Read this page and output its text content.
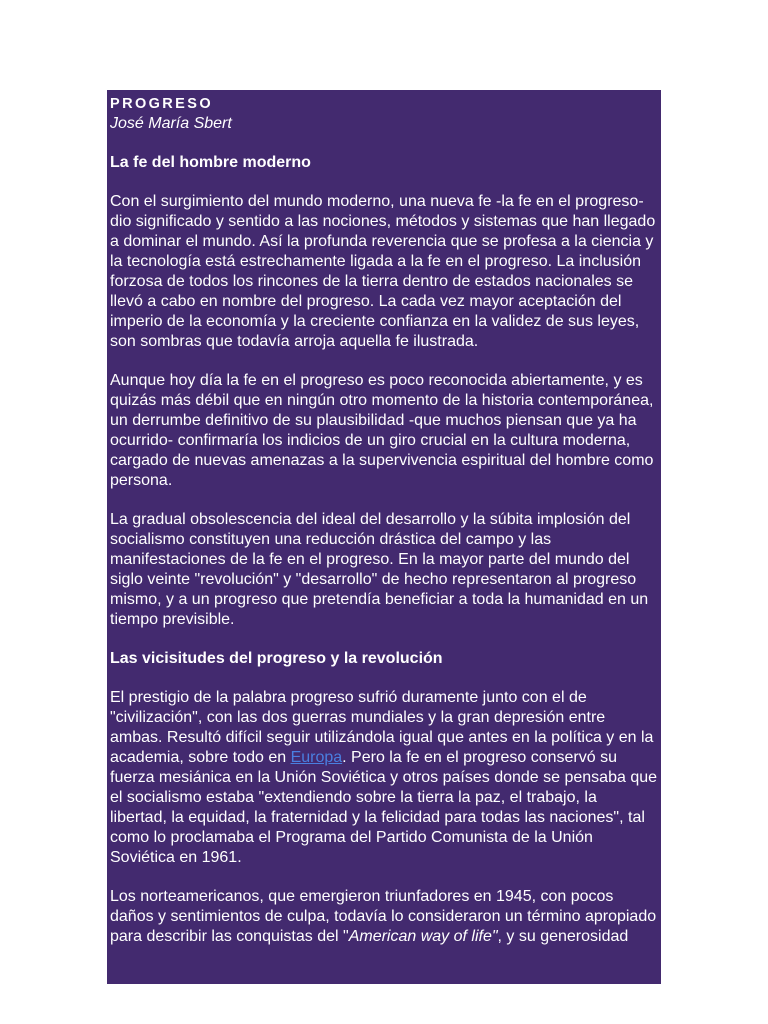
PROGRESO
José María Sbert
La fe del hombre moderno

Con el surgimiento del mundo moderno, una nueva fe -la fe en el progreso- dio significado y sentido a las nociones, métodos y sistemas que han llegado a dominar el mundo. Así la profunda reverencia que se profesa a la ciencia y la tecnología está estrechamente ligada a la fe en el progreso. La inclusión forzosa de todos los rincones de la tierra dentro de estados nacionales se llevó a cabo en nombre del progreso. La cada vez mayor aceptación del imperio de la economía y la creciente confianza en la validez de sus leyes, son sombras que todavía arroja aquella fe ilustrada.

Aunque hoy día la fe en el progreso es poco reconocida abiertamente, y es quizás más débil que en ningún otro momento de la historia contemporánea, un derrumbe definitivo de su plausibilidad -que muchos piensan que ya ha ocurrido- confirmaría los indicios de un giro crucial en la cultura moderna, cargado de nuevas amenazas a la supervivencia espiritual del hombre como persona.

La gradual obsolescencia del ideal del desarrollo y la súbita implosión del socialismo constituyen una reducción drástica del campo y las manifestaciones de la fe en el progreso. En la mayor parte del mundo del siglo veinte "revolución" y "desarrollo" de hecho representaron al progreso mismo, y a un progreso que pretendía beneficiar a toda la humanidad en un tiempo previsible.

Las vicisitudes del progreso y la revolución

El prestigio de la palabra progreso sufrió duramente junto con el de "civilización", con las dos guerras mundiales y la gran depresión entre ambas. Resultó difícil seguir utilizándola igual que antes en la política y en la academia, sobre todo en Europa. Pero la fe en el progreso conservó su fuerza mesiánica en la Unión Soviética y otros países donde se pensaba que el socialismo estaba "extendiendo sobre la tierra la paz, el trabajo, la libertad, la equidad, la fraternidad y la felicidad para todas las naciones", tal como lo proclamaba el Programa del Partido Comunista de la Unión Soviética en 1961.

Los norteamericanos, que emergieron triunfadores en 1945, con pocos daños y sentimientos de culpa, todavía lo consideraron un término apropiado para describir las conquistas del "American way of life", y su generosidad
